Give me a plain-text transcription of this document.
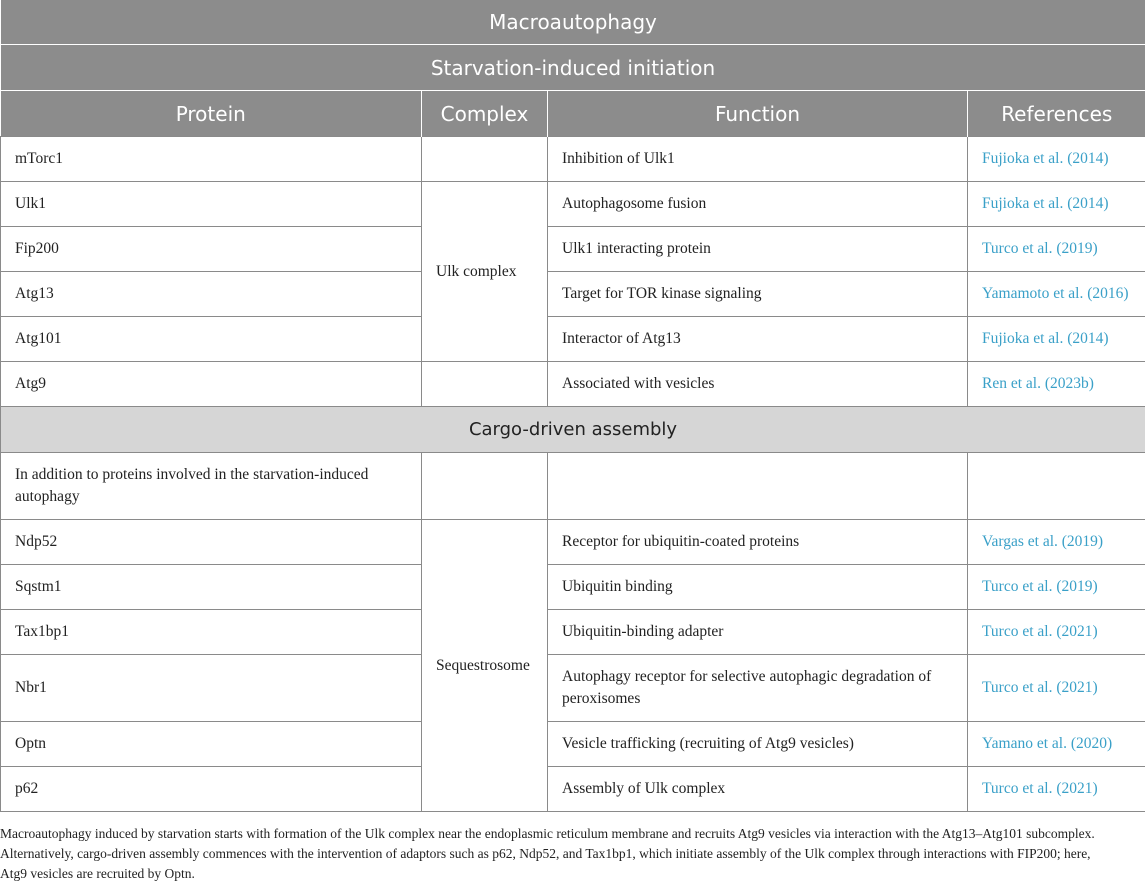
Macroautophagy			
Starvation-induced initiation			
Protein	Complex	Function	References
mTorc1		Inhibition of Ulk1	Fujioka et al. (2014)
Ulk1	Ulk complex	Autophagosome fusion	Fujioka et al. (2014)
Fip200		Ulk1 interacting protein	Turco et al. (2019)
Atg13		Target for TOR kinase signaling	Yamamoto et al. (2016)
Atg101		Interactor of Atg13	Fujioka et al. (2014)
Atg9		Associated with vesicles	Ren et al. (2023b)
Cargo-driven assembly			
In addition to proteins involved in the starvation-induced autophagy			
Ndp52	Sequestrosome	Receptor for ubiquitin-coated proteins	Vargas et al. (2019)
Sqstm1		Ubiquitin binding	Turco et al. (2019)
Tax1bp1		Ubiquitin-binding adapter	Turco et al. (2021)
Nbr1		Autophagy receptor for selective autophagic degradation of peroxisomes	Turco et al. (2021)
Optn		Vesicle trafficking (recruiting of Atg9 vesicles)	Yamano et al. (2020)
p62		Assembly of Ulk complex	Turco et al. (2021)
Macroautophagy induced by starvation starts with formation of the Ulk complex near the endoplasmic reticulum membrane and recruits Atg9 vesicles via interaction with the Atg13–Atg101 subcomplex. Alternatively, cargo-driven assembly commences with the intervention of adaptors such as p62, Ndp52, and Tax1bp1, which initiate assembly of the Ulk complex through interactions with FIP200; here, Atg9 vesicles are recruited by Optn.
